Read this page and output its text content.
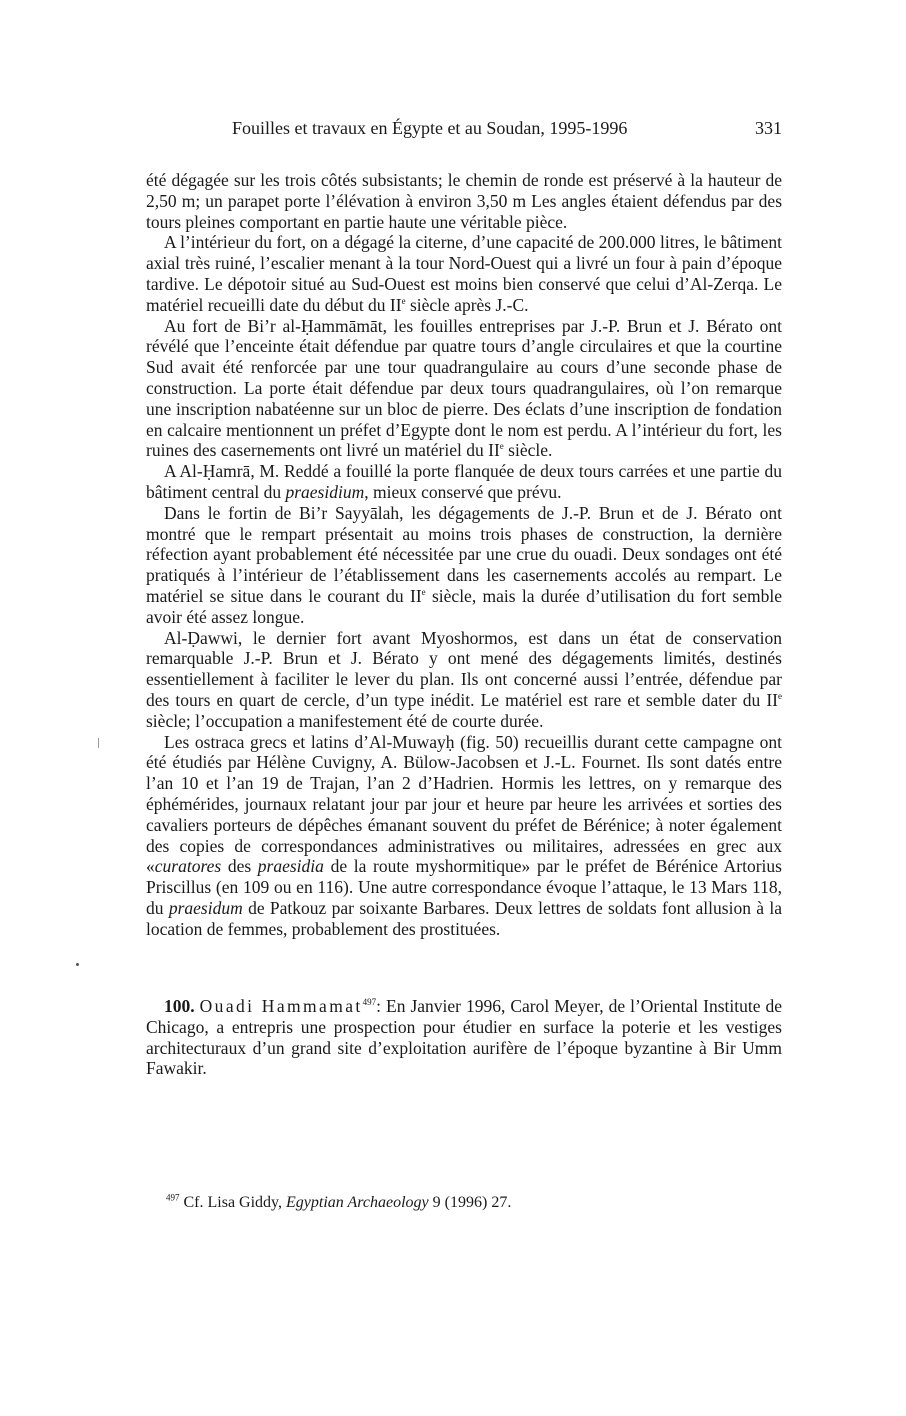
Fouilles et travaux en Égypte et au Soudan, 1995-1996	331

été dégagée sur les trois côtés subsistants; le chemin de ronde est préservé à la hauteur de 2,50 m; un parapet porte l’élévation à environ 3,50 m Les angles étaient défendus par des tours pleines comportant en partie haute une véritable pièce.

A l’intérieur du fort, on a dégagé la citerne, d’une capacité de 200.000 litres, le bâtiment axial très ruiné, l’escalier menant à la tour Nord-Ouest qui a livré un four à pain d’époque tardive. Le dépotoir situé au Sud-Ouest est moins bien conservé que celui d’Al-Zerqa. Le matériel recueilli date du début du IIe siècle après J.-C.

Au fort de Bi’r al-Ḥammāmāt, les fouilles entreprises par J.-P. Brun et J. Bérato ont révélé que l’enceinte était défendue par quatre tours d’angle circulaires et que la courtine Sud avait été renforcée par une tour quadrangulaire au cours d’une seconde phase de construction. La porte était défendue par deux tours quadrangulaires, où l’on remarque une inscription nabatéenne sur un bloc de pierre. Des éclats d’une inscription de fondation en calcaire mentionnent un préfet d’Egypte dont le nom est perdu. A l’intérieur du fort, les ruines des casernements ont livré un matériel du IIe siècle.

A Al-Ḥamrā, M. Reddé a fouillé la porte flanquée de deux tours carrées et une partie du bâtiment central du praesidium, mieux conservé que prévu.

Dans le fortin de Bi’r Sayyālah, les dégagements de J.-P. Brun et de J. Bérato ont montré que le rempart présentait au moins trois phases de construction, la dernière réfection ayant probablement été nécessitée par une crue du ouadi. Deux sondages ont été pratiqués à l’intérieur de l’établissement dans les casernements accolés au rempart. Le matériel se situe dans le courant du IIe siècle, mais la durée d’utilisation du fort semble avoir été assez longue.

Al-Ḍawwi, le dernier fort avant Myoshormos, est dans un état de conservation remarquable J.-P. Brun et J. Bérato y ont mené des dégagements limités, destinés essentiellement à faciliter le lever du plan. Ils ont concerné aussi l’entrée, défendue par des tours en quart de cercle, d’un type inédit. Le matériel est rare et semble dater du IIe siècle; l’occupation a manifestement été de courte durée.

Les ostraca grecs et latins d’Al-Muwayḥ (fig. 50) recueillis durant cette campagne ont été étudiés par Hélène Cuvigny, A. Bülow-Jacobsen et J.-L. Fournet. Ils sont datés entre l’an 10 et l’an 19 de Trajan, l’an 2 d’Hadrien. Hormis les lettres, on y remarque des éphémérides, journaux relatant jour par jour et heure par heure les arrivées et sorties des cavaliers porteurs de dépêches émanant souvent du préfet de Bérénice; à noter également des copies de correspondances administratives ou militaires, adressées en grec aux «curatores des praesidia de la route myshormitique» par le préfet de Bérénice Artorius Priscillus (en 109 ou en 116). Une autre correspondance évoque l’attaque, le 13 Mars 118, du praesidum de Patkouz par soixante Barbares. Deux lettres de soldats font allusion à la location de femmes, probablement des prostituées.

100. Ouadi Hammamat$^{497}$: En Janvier 1996, Carol Meyer, de l’Oriental Institute de Chicago, a entrepris une prospection pour étudier en surface la poterie et les vestiges architecturaux d’un grand site d’exploitation aurifère de l’époque byzantine à Bir Umm Fawakir.
$^{497}$ Cf. Lisa Giddy, Egyptian Archaeology 9 (1996) 27.
